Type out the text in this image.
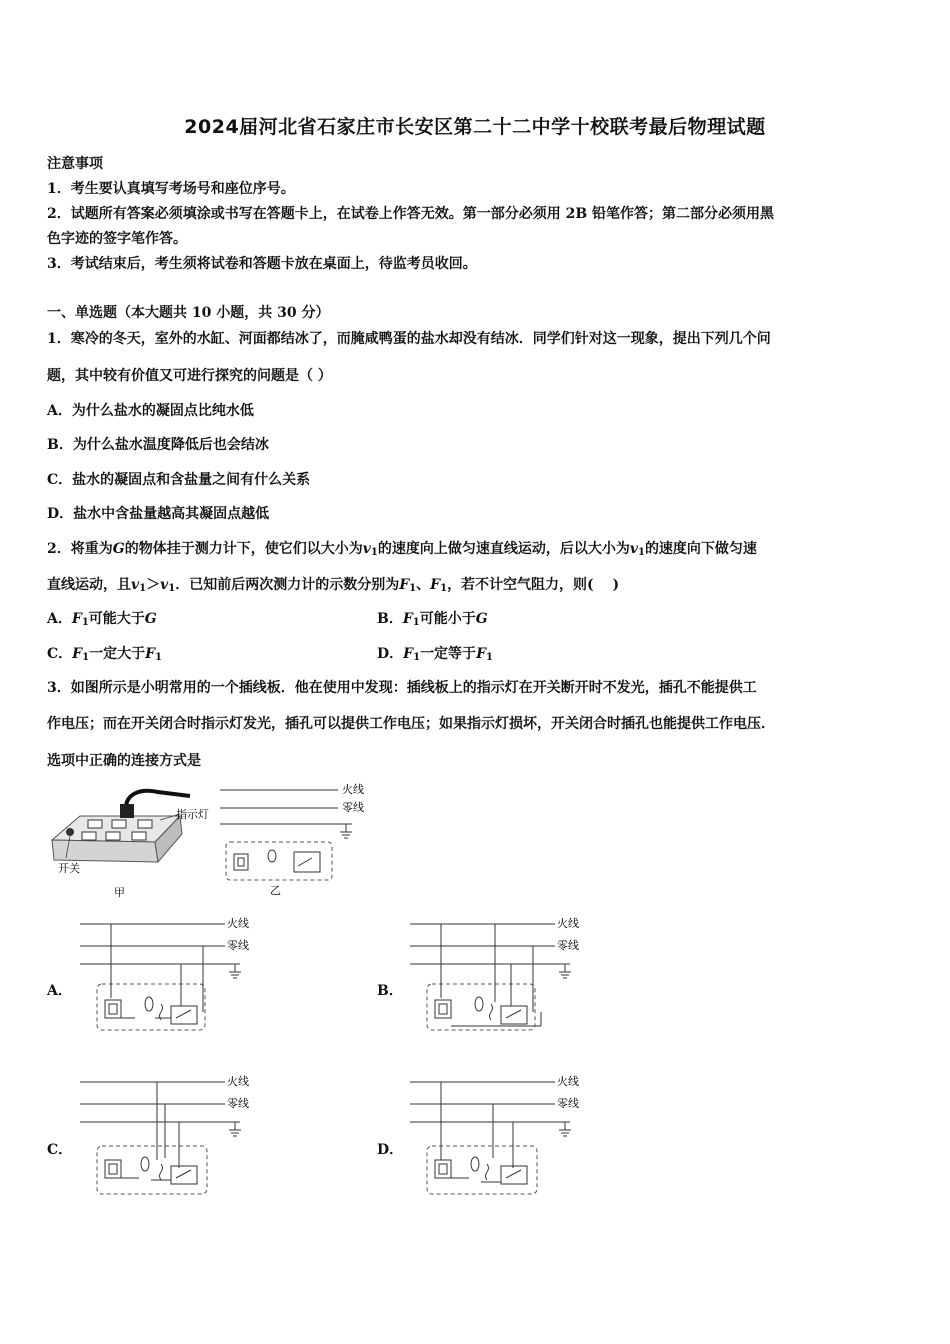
2024届河北省石家庄市长安区第二十二中学十校联考最后物理试题
注意事项
1．考生要认真填写考场号和座位序号。
2．试题所有答案必须填涂或书写在答题卡上，在试卷上作答无效。第一部分必须用 2B 铅笔作答；第二部分必须用黑
色字迹的签字笔作答。
3．考试结束后，考生须将试卷和答题卡放在桌面上，待监考员收回。
一、单选题（本大题共 10 小题，共 30 分）
1．寒冷的冬天，室外的水缸、河面都结冰了，而腌咸鸭蛋的盐水却没有结冰．同学们针对这一现象，提出下列几个问
题，其中较有价值又可进行探究的问题是（ ）
A．为什么盐水的凝固点比纯水低
B．为什么盐水温度降低后也会结冰
C．盐水的凝固点和含盐量之间有什么关系
D．盐水中含盐量越高其凝固点越低
2．将重为G的物体挂于测力计下，使它们以大小为$v_1$的速度向上做匀速直线运动，后以大小为$v_1$的速度向下做匀速
直线运动，且$v_1>v_1$．已知前后两次测力计的示数分别为$F_1$、$F_1$，若不计空气阻力，则(　 )
A．$F_1$可能大于G	B．$F_1$可能小于G
C．$F_1$一定大于$F_1$	D．$F_1$一定等于$F_1$
3．如图所示是小明常用的一个插线板．他在使用中发现：插线板上的指示灯在开关断开时不发光，插孔不能提供工
作电压；而在开关闭合时指示灯发光，插孔可以提供工作电压；如果指示灯损坏，开关闭合时插孔也能提供工作电压．
选项中正确的连接方式是
指示灯
开关
甲
火线
零线
乙
A．	B．
C．	D．
火线
零线
火线
零线
火线
零线
火线
零线
